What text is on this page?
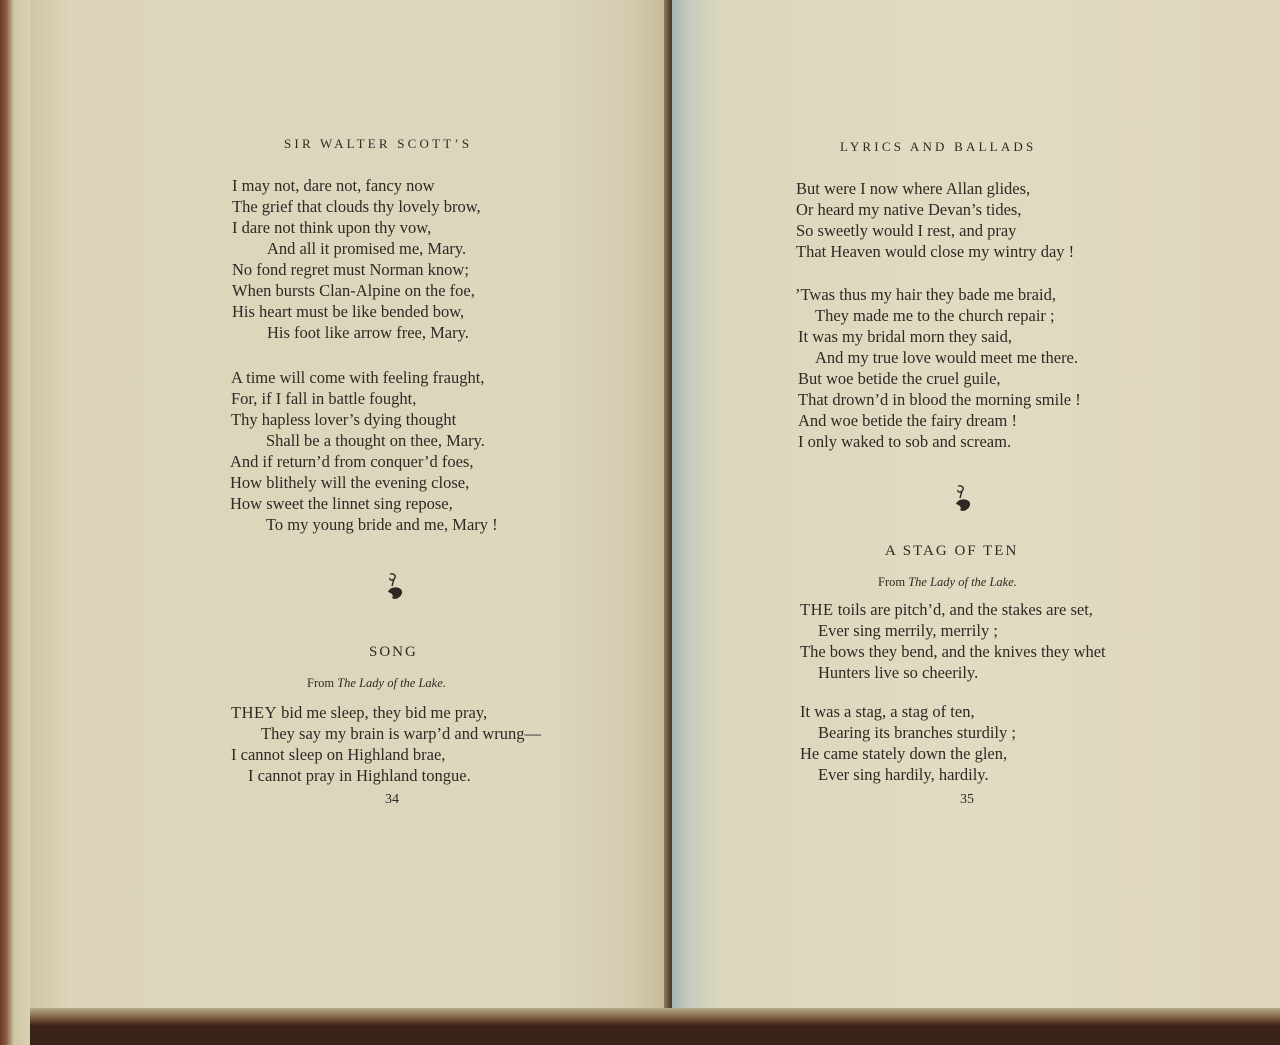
SIR WALTER SCOTT’S
I may not, dare not, fancy now
The grief that clouds thy lovely brow,
I dare not think upon thy vow,
And all it promised me, Mary.
No fond regret must Norman know;
When bursts Clan-Alpine on the foe,
His heart must be like bended bow,
His foot like arrow free, Mary.
A time will come with feeling fraught,
For, if I fall in battle fought,
Thy hapless lover’s dying thought
Shall be a thought on thee, Mary.
And if return’d from conquer’d foes,
How blithely will the evening close,
How sweet the linnet sing repose,
To my young bride and me, Mary !
SONG
From The Lady of the Lake.
THEY bid me sleep, they bid me pray,
They say my brain is warp’d and wrung—
I cannot sleep on Highland brae,
I cannot pray in Highland tongue.
34
LYRICS AND BALLADS
But were I now where Allan glides,
Or heard my native Devan’s tides,
So sweetly would I rest, and pray
That Heaven would close my wintry day !
’Twas thus my hair they bade me braid,
They made me to the church repair ;
It was my bridal morn they said,
And my true love would meet me there.
But woe betide the cruel guile,
That drown’d in blood the morning smile !
And woe betide the fairy dream !
I only waked to sob and scream.
A STAG OF TEN
From The Lady of the Lake.
THE toils are pitch’d, and the stakes are set,
Ever sing merrily, merrily ;
The bows they bend, and the knives they whet
Hunters live so cheerily.
It was a stag, a stag of ten,
Bearing its branches sturdily ;
He came stately down the glen,
Ever sing hardily, hardily.
35
